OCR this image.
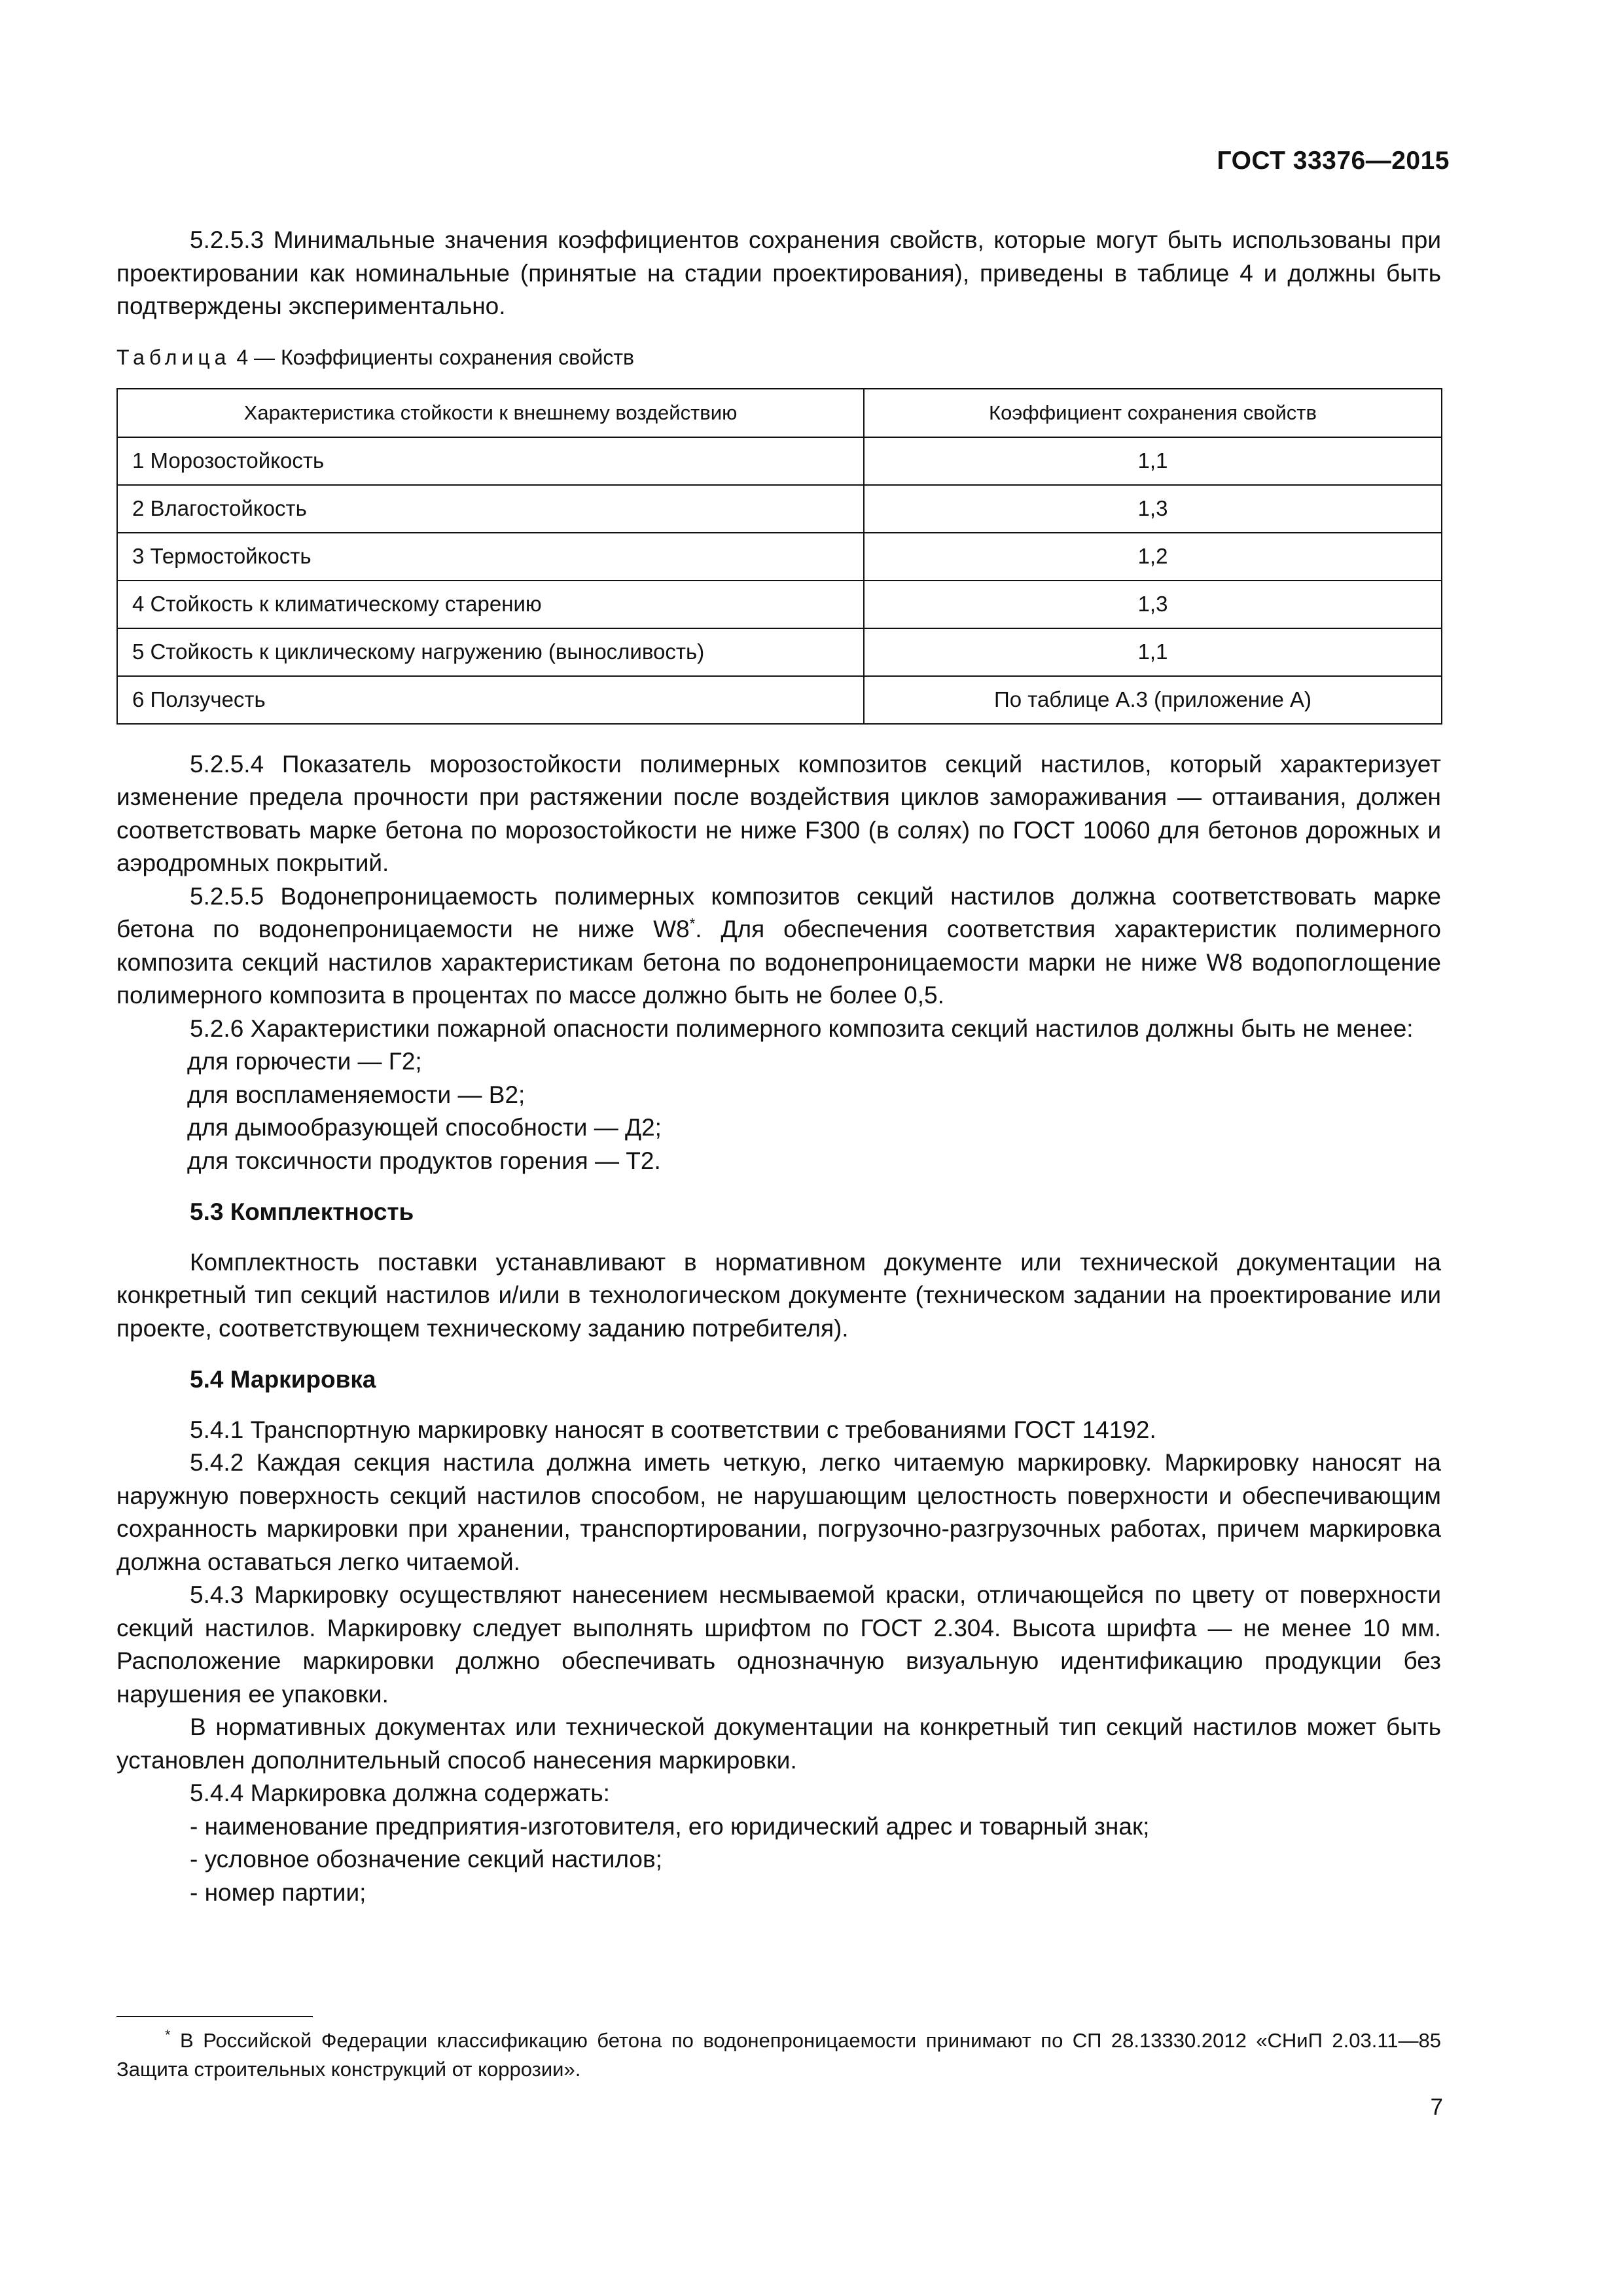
ГОСТ 33376—2015

5.2.5.3 Минимальные значения коэффициентов сохранения свойств, которые могут быть использованы при проектировании как номинальные (принятые на стадии проектирования), приведены в таблице 4 и должны быть подтверждены экспериментально.

Таблица 4 — Коэффициенты сохранения свойств
Характеристика стойкости к внешнему воздействию	Коэффициент сохранения свойств
1 Морозостойкость	1,1
2 Влагостойкость	1,3
3 Термостойкость	1,2
4 Стойкость к климатическому старению	1,3
5 Стойкость к циклическому нагружению (выносливость)	1,1
6 Ползучесть	По таблице А.3 (приложение А)

5.2.5.4 Показатель морозостойкости полимерных композитов секций настилов, который характеризует изменение предела прочности при растяжении после воздействия циклов замораживания — оттаивания, должен соответствовать марке бетона по морозостойкости не ниже F300 (в солях) по ГОСТ 10060 для бетонов дорожных и аэродромных покрытий.

5.2.5.5 Водонепроницаемость полимерных композитов секций настилов должна соответствовать марке бетона по водонепроницаемости не ниже W8*. Для обеспечения соответствия характеристик полимерного композита секций настилов характеристикам бетона по водонепроницаемости марки не ниже W8 водопоглощение полимерного композита в процентах по массе должно быть не более 0,5.

5.2.6 Характеристики пожарной опасности полимерного композита секций настилов должны быть не менее:

для горючести — Г2;

для воспламеняемости — В2;

для дымообразующей способности — Д2;

для токсичности продуктов горения — Т2.

5.3 Комплектность

Комплектность поставки устанавливают в нормативном документе или технической документации на конкретный тип секций настилов и/или в технологическом документе (техническом задании на проектирование или проекте, соответствующем техническому заданию потребителя).

5.4 Маркировка

5.4.1 Транспортную маркировку наносят в соответствии с требованиями ГОСТ 14192.

5.4.2 Каждая секция настила должна иметь четкую, легко читаемую маркировку. Маркировку наносят на наружную поверхность секций настилов способом, не нарушающим целостность поверхности и обеспечивающим сохранность маркировки при хранении, транспортировании, погрузочно-разгрузочных работах, причем маркировка должна оставаться легко читаемой.

5.4.3 Маркировку осуществляют нанесением несмываемой краски, отличающейся по цвету от поверхности секций настилов. Маркировку следует выполнять шрифтом по ГОСТ 2.304. Высота шрифта — не менее 10 мм. Расположение маркировки должно обеспечивать однозначную визуальную идентификацию продукции без нарушения ее упаковки.

В нормативных документах или технической документации на конкретный тип секций настилов может быть установлен дополнительный способ нанесения маркировки.

5.4.4 Маркировка должна содержать:

- наименование предприятия-изготовителя, его юридический адрес и товарный знак;

- условное обозначение секций настилов;

- номер партии;

* В Российской Федерации классификацию бетона по водонепроницаемости принимают по СП 28.13330.2012 «СНиП 2.03.11—85 Защита строительных конструкций от коррозии».

7
